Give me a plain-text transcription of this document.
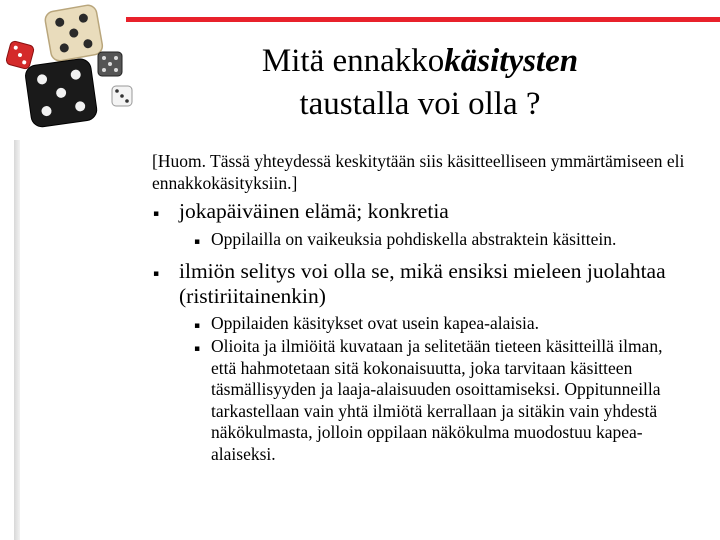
Mitä ennakkokäsitysten
taustalla voi olla ?

[Huom. Tässä yhteydessä keskitytään siis käsitteelliseen ymmärtämiseen eli ennakkokäsityksiin.]

▪ jokapäiväinen elämä; konkretia
▪ Oppilailla on vaikeuksia pohdiskella abstraktein käsittein.
▪ ilmiön selitys voi olla se, mikä ensiksi mieleen juolahtaa (ristiriitainenkin)
▪ Oppilaiden käsitykset ovat usein kapea-alaisia.
▪ Olioita ja ilmiöitä kuvataan ja selitetään tieteen käsitteillä ilman, että hahmotetaan sitä kokonaisuutta, joka tarvitaan käsitteen täsmällisyyden ja laaja-alaisuuden osoittamiseksi. Oppitunneilla tarkastellaan vain yhtä ilmiötä kerrallaan ja sitäkin vain yhdestä näkökulmasta, jolloin oppilaan näkökulma muodostuu kapea-alaiseksi.
